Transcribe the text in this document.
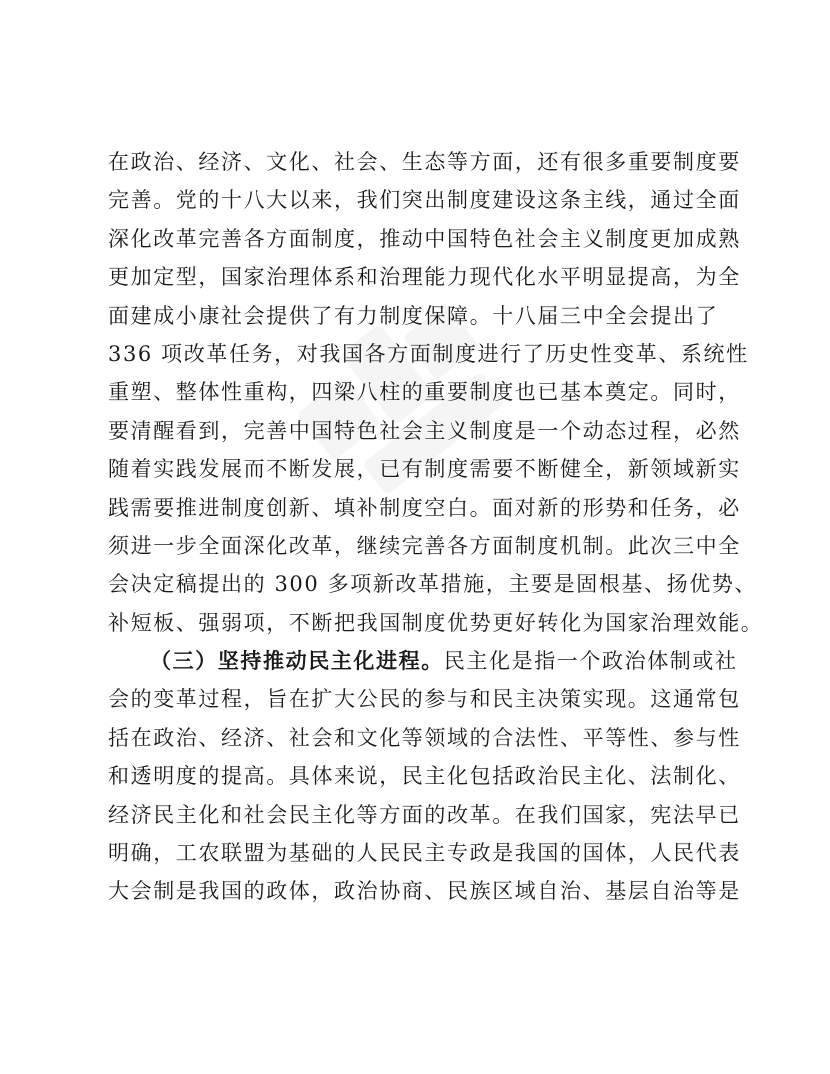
在政治、经济、文化、社会、生态等方面，还有很多重要制度要
完善。党的十八大以来，我们突出制度建设这条主线，通过全面
深化改革完善各方面制度，推动中国特色社会主义制度更加成熟
更加定型，国家治理体系和治理能力现代化水平明显提高，为全
面建成小康社会提供了有力制度保障。十八届三中全会提出了
336 项改革任务，对我国各方面制度进行了历史性变革、系统性
重塑、整体性重构，四梁八柱的重要制度也已基本奠定。同时，
要清醒看到，完善中国特色社会主义制度是一个动态过程，必然
随着实践发展而不断发展，已有制度需要不断健全，新领域新实
践需要推进制度创新、填补制度空白。面对新的形势和任务，必
须进一步全面深化改革，继续完善各方面制度机制。此次三中全
会决定稿提出的 300 多项新改革措施，主要是固根基、扬优势、
补短板、强弱项，不断把我国制度优势更好转化为国家治理效能。
（三）坚持推动民主化进程。民主化是指一个政治体制或社
会的变革过程，旨在扩大公民的参与和民主决策实现。这通常包
括在政治、经济、社会和文化等领域的合法性、平等性、参与性
和透明度的提高。具体来说，民主化包括政治民主化、法制化、
经济民主化和社会民主化等方面的改革。在我们国家，宪法早已
明确，工农联盟为基础的人民民主专政是我国的国体，人民代表
大会制是我国的政体，政治协商、民族区域自治、基层自治等是
